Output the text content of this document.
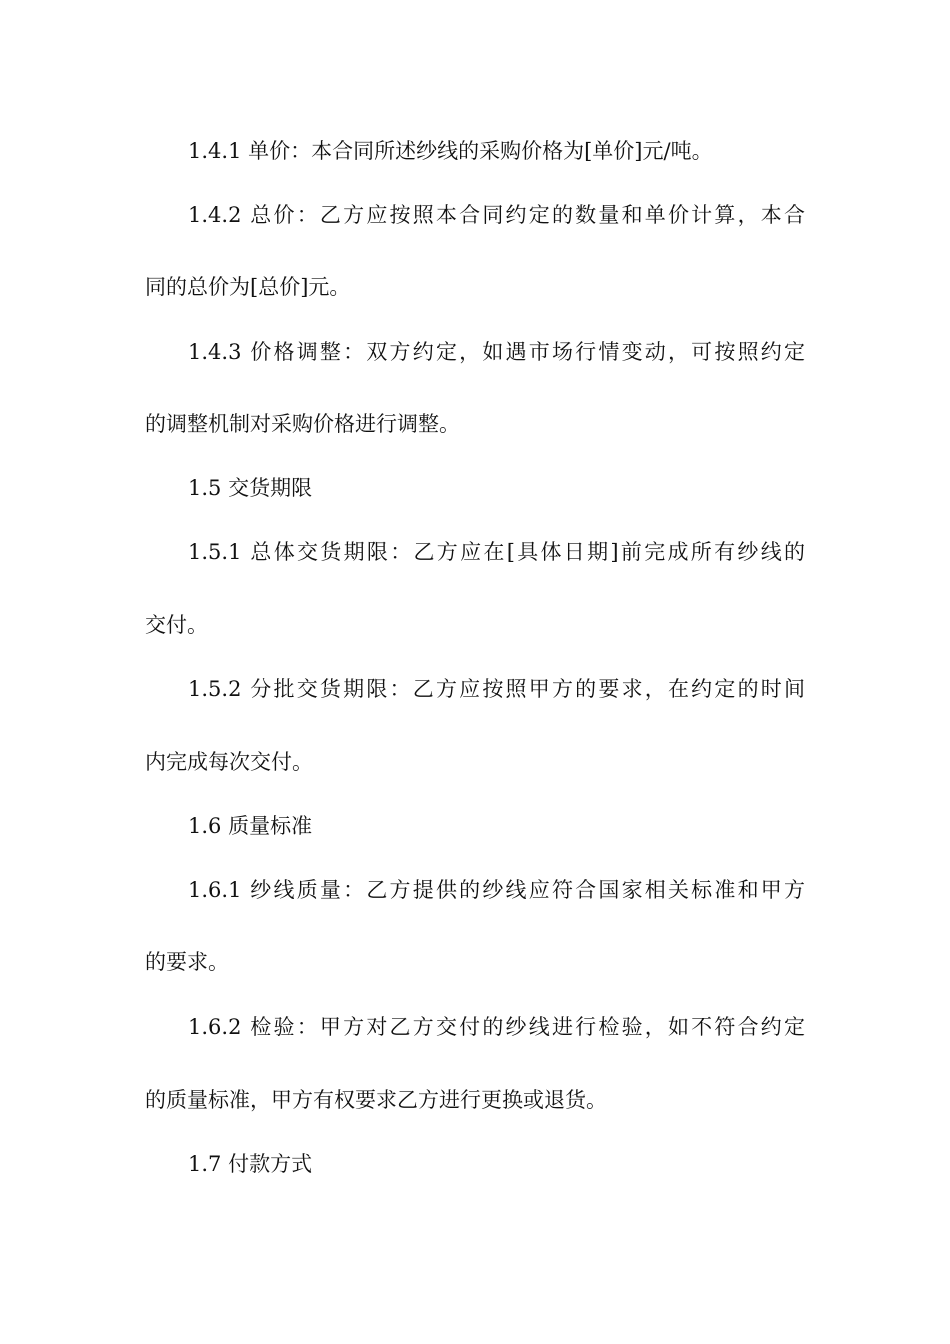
1.4.1 单价：本合同所述纱线的采购价格为[单价]元/吨。
1.4.2 总价：乙方应按照本合同约定的数量和单价计算，本合
同的总价为[总价]元。
1.4.3 价格调整：双方约定，如遇市场行情变动，可按照约定
的调整机制对采购价格进行调整。
1.5 交货期限
1.5.1 总体交货期限：乙方应在[具体日期]前完成所有纱线的
交付。
1.5.2 分批交货期限：乙方应按照甲方的要求，在约定的时间
内完成每次交付。
1.6 质量标准
1.6.1 纱线质量：乙方提供的纱线应符合国家相关标准和甲方
的要求。
1.6.2 检验：甲方对乙方交付的纱线进行检验，如不符合约定
的质量标准，甲方有权要求乙方进行更换或退货。
1.7 付款方式
